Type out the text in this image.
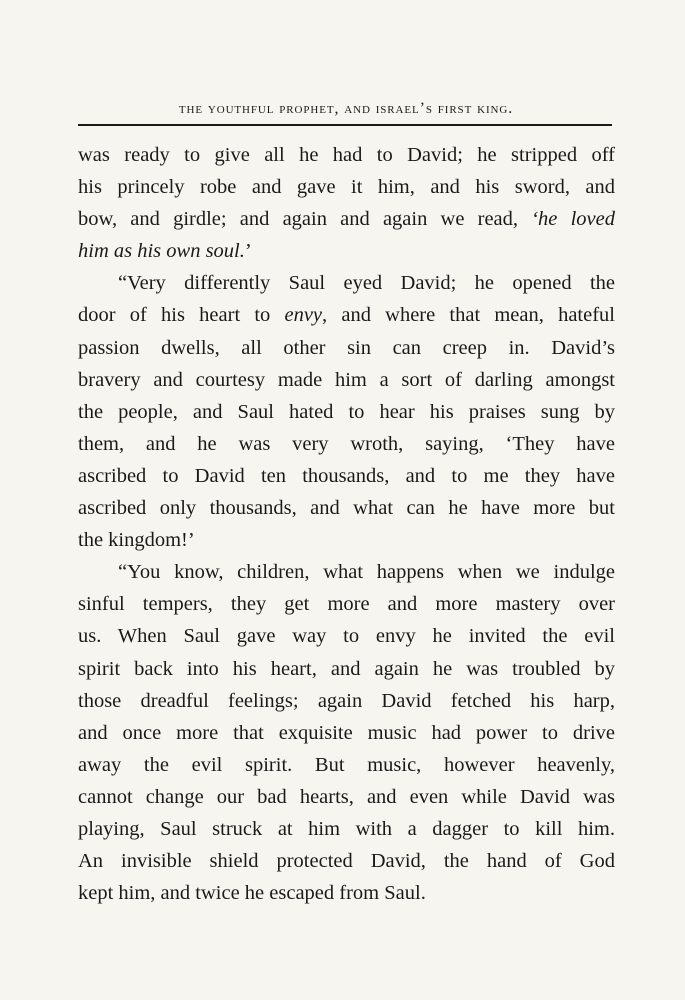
the youthful prophet, and israel’s first king.
was ready to give all he had to David; he stripped off
his princely robe and gave it him, and his sword, and
bow, and girdle; and again and again we read, ‘he loved
him as his own soul.’
“Very differently Saul eyed David; he opened the
door of his heart to envy, and where that mean, hateful
passion dwells, all other sin can creep in. David’s
bravery and courtesy made him a sort of darling amongst
the people, and Saul hated to hear his praises sung by
them, and he was very wroth, saying, ‘They have
ascribed to David ten thousands, and to me they have
ascribed only thousands, and what can he have more but
the kingdom!’
“You know, children, what happens when we indulge
sinful tempers, they get more and more mastery over
us. When Saul gave way to envy he invited the evil
spirit back into his heart, and again he was troubled by
those dreadful feelings; again David fetched his harp,
and once more that exquisite music had power to drive
away the evil spirit. But music, however heavenly,
cannot change our bad hearts, and even while David was
playing, Saul struck at him with a dagger to kill him.
An invisible shield protected David, the hand of God
kept him, and twice he escaped from Saul.
